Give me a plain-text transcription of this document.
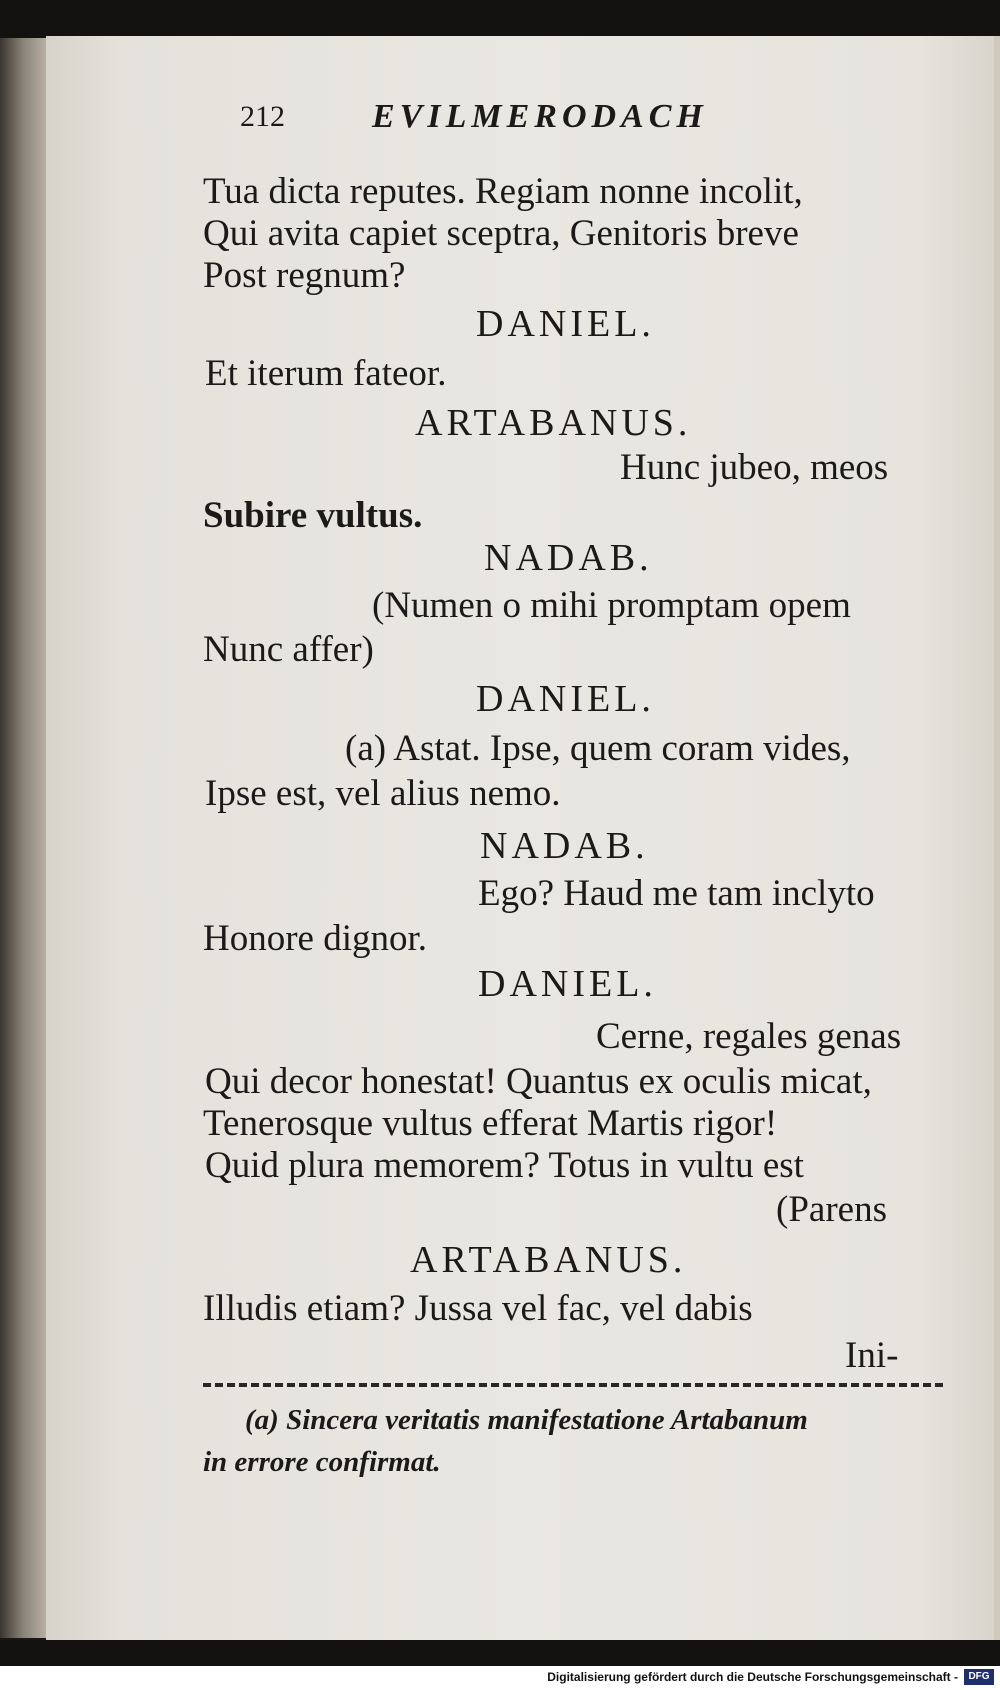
212	EVILMERODACH
Tua dicta reputes. Regiam nonne incolit,
Qui avita capiet sceptra, Genitoris breve
Post regnum?
DANIEL.
Et iterum fateor.
ARTABANUS.
Hunc jubeo, meos
Subire vultus.
NADAB.
(Numen o mihi promptam opem
Nunc affer)
DANIEL.
(a) Astat. Ipse, quem coram vides,
Ipse est, vel alius nemo.
NADAB.
Ego? Haud me tam inclyto
Honore dignor.
DANIEL.
Cerne, regales genas
Qui decor honestat! Quantus ex oculis micat,
Tenerosque vultus efferat Martis rigor!
Quid plura memorem? Totus in vultu est
(Parens
ARTABANUS.
Illudis etiam? Jussa vel fac, vel dabis
Ini-
(a) Sincera veritatis manifestatione Artabanum
in errore confirmat.
Digitalisierung gefördert durch die Deutsche Forschungsgemeinschaft -	DFG
